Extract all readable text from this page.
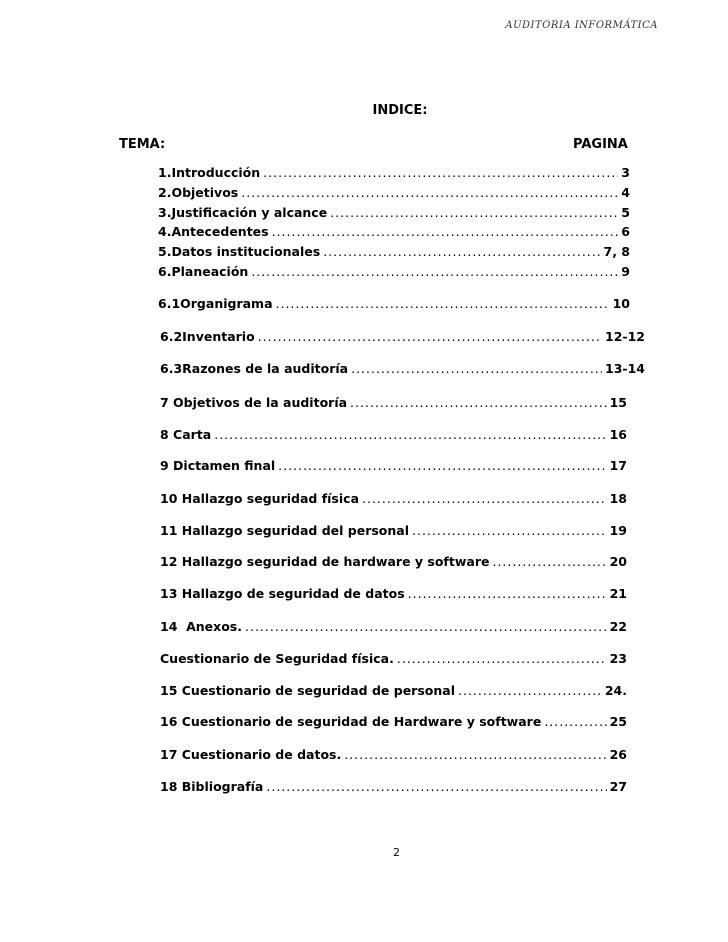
AUDITORIA INFORMÁTICA
INDICE:
TEMA:	PAGINA
1. Introducción .....	3
2. Objetivos .....	4
3. Justificación y alcance .....	5
4. Antecedentes .....	6
5. Datos institucionales .....	7, 8
6. Planeación .....	9
6.1Organigrama .....	10
6.2Inventario .....	12-12
6.3Razones de la auditoría .....	13-14
7 Objetivos de la auditoría .....	15
8 Carta .....	16
9 Dictamen final .....	17
10 Hallazgo seguridad física .....	18
11 Hallazgo seguridad del personal .....	19
12 Hallazgo seguridad de hardware y software .....	20
13 Hallazgo de seguridad de datos .....	21
14  Anexos. .....	22
Cuestionario de Seguridad física. .....	23
15 Cuestionario de seguridad de personal .....	24.
16 Cuestionario de seguridad de Hardware y software .....	25
17 Cuestionario de datos. .....	26
18 Bibliografía .....	27
2
